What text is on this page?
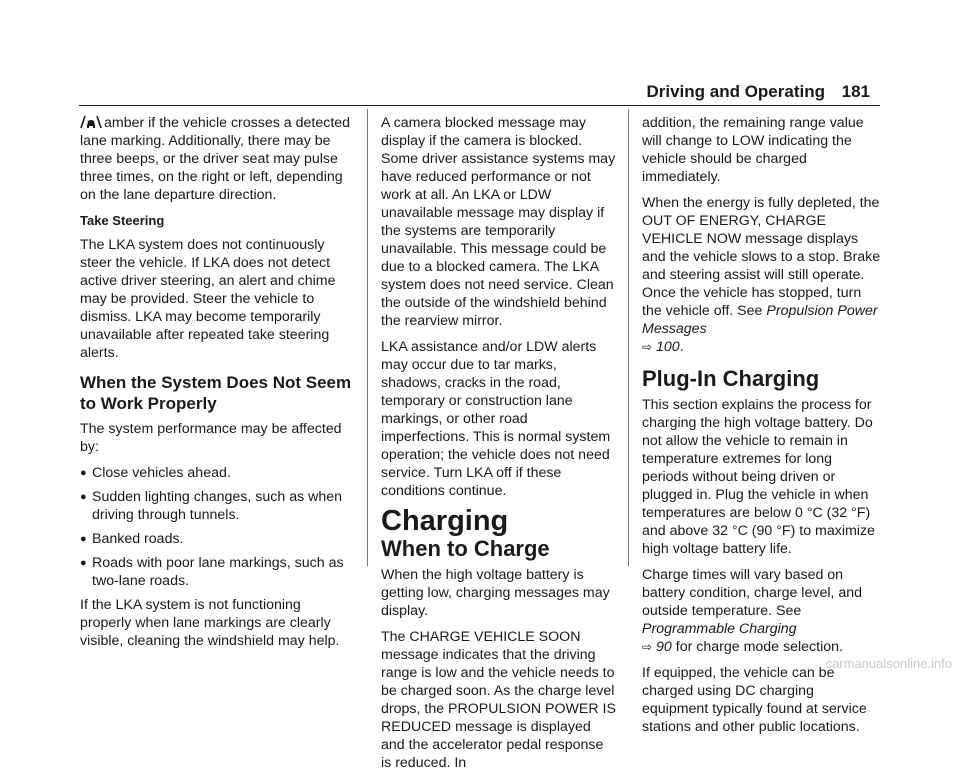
Driving and Operating 181

amber if the vehicle crosses a detected lane marking. Additionally, there may be three beeps, or the driver seat may pulse three times, on the right or left, depending on the lane departure direction.

Take Steering

The LKA system does not continuously steer the vehicle. If LKA does not detect active driver steering, an alert and chime may be provided. Steer the vehicle to dismiss. LKA may become temporarily unavailable after repeated take steering alerts.

When the System Does Not Seem to Work Properly

The system performance may be affected by:

● Close vehicles ahead.
● Sudden lighting changes, such as when driving through tunnels.
● Banked roads.
● Roads with poor lane markings, such as two-lane roads.

If the LKA system is not functioning properly when lane markings are clearly visible, cleaning the windshield may help.

A camera blocked message may display if the camera is blocked. Some driver assistance systems may have reduced performance or not work at all. An LKA or LDW unavailable message may display if the systems are temporarily unavailable. This message could be due to a blocked camera. The LKA system does not need service. Clean the outside of the windshield behind the rearview mirror.

LKA assistance and/or LDW alerts may occur due to tar marks, shadows, cracks in the road, temporary or construction lane markings, or other road imperfections. This is normal system operation; the vehicle does not need service. Turn LKA off if these conditions continue.

Charging
When to Charge

When the high voltage battery is getting low, charging messages may display.

The CHARGE VEHICLE SOON message indicates that the driving range is low and the vehicle needs to be charged soon. As the charge level drops, the PROPULSION POWER IS REDUCED message is displayed and the accelerator pedal response is reduced. In

addition, the remaining range value will change to LOW indicating the vehicle should be charged immediately.

When the energy is fully depleted, the OUT OF ENERGY, CHARGE VEHICLE NOW message displays and the vehicle slows to a stop. Brake and steering assist will still operate. Once the vehicle has stopped, turn the vehicle off. See Propulsion Power Messages
⇨ 100.

Plug-In Charging

This section explains the process for charging the high voltage battery. Do not allow the vehicle to remain in temperature extremes for long periods without being driven or plugged in. Plug the vehicle in when temperatures are below 0 °C (32 °F) and above 32 °C (90 °F) to maximize high voltage battery life.

Charge times will vary based on battery condition, charge level, and outside temperature. See Programmable Charging
⇨ 90 for charge mode selection.

If equipped, the vehicle can be charged using DC charging equipment typically found at service stations and other public locations.

carmanualsonline.info
